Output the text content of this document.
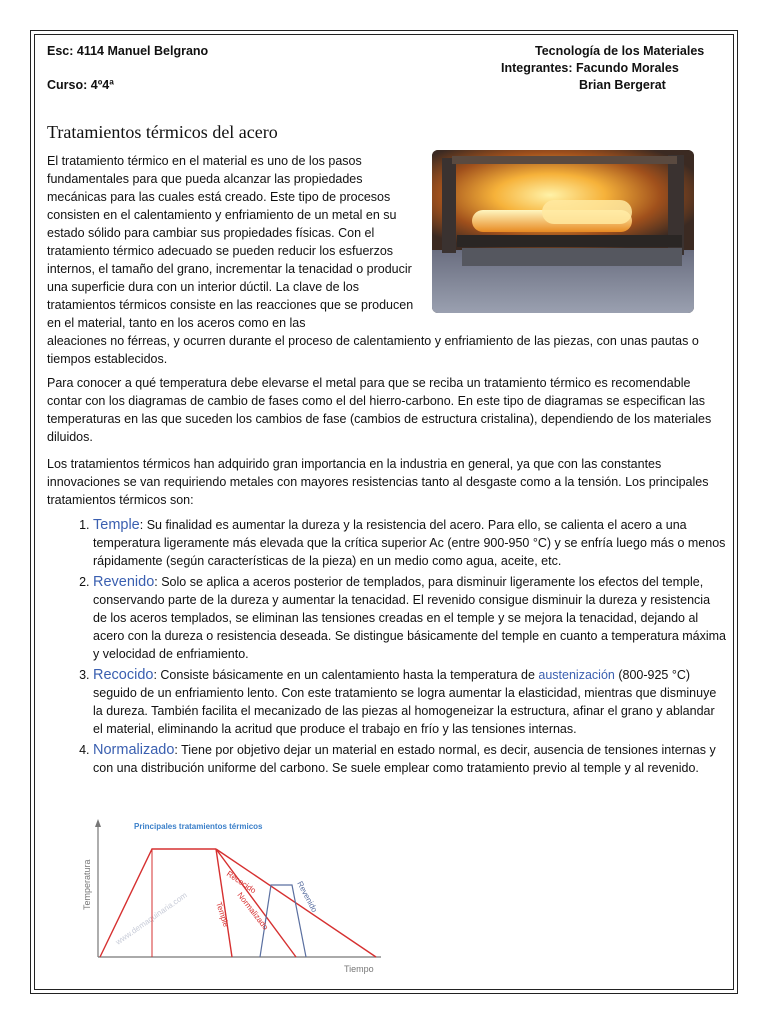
Esc: 4114 Manuel Belgrano	Tecnología de los Materiales
Integrantes: Facundo Morales
Curso: 4º4ª	Brian Bergerat
Tratamientos térmicos del acero

El tratamiento térmico en el material es uno de los pasos fundamentales para que pueda alcanzar las propiedades mecánicas para las cuales está creado. Este tipo de procesos consisten en el calentamiento y enfriamiento de un metal en su estado sólido para cambiar sus propiedades físicas. Con el tratamiento térmico adecuado se pueden reducir los esfuerzos internos, el tamaño del grano, incrementar la tenacidad o producir una superficie dura con un interior dúctil. La clave de los tratamientos térmicos consiste en las reacciones que se producen en el material, tanto en los aceros como en las

aleaciones no férreas, y ocurren durante el proceso de calentamiento y enfriamiento de las piezas, con unas pautas o tiempos establecidos.

Para conocer a qué temperatura debe elevarse el metal para que se reciba un tratamiento térmico es recomendable contar con los diagramas de cambio de fases como el del hierro-carbono. En este tipo de diagramas se especifican las temperaturas en las que suceden los cambios de fase (cambios de estructura cristalina), dependiendo de los materiales diluidos.

Los tratamientos térmicos han adquirido gran importancia en la industria en general, ya que con las constantes innovaciones se van requiriendo metales con mayores resistencias tanto al desgaste como a la tensión. Los principales tratamientos térmicos son:

1. Temple: Su finalidad es aumentar la dureza y la resistencia del acero. Para ello, se calienta el acero a una temperatura ligeramente más elevada que la crítica superior Ac (entre 900-950 °C) y se enfría luego más o menos rápidamente (según características de la pieza) en un medio como agua, aceite, etc.
2. Revenido: Solo se aplica a aceros posterior de templados, para disminuir ligeramente los efectos del temple, conservando parte de la dureza y aumentar la tenacidad. El revenido consigue disminuir la dureza y resistencia de los aceros templados, se eliminan las tensiones creadas en el temple y se mejora la tenacidad, dejando al acero con la dureza o resistencia deseada. Se distingue básicamente del temple en cuanto a temperatura máxima y velocidad de enfriamiento.
3. Recocido: Consiste básicamente en un calentamiento hasta la temperatura de austenización (800-925 °C) seguido de un enfriamiento lento. Con este tratamiento se logra aumentar la elasticidad, mientras que disminuye la dureza. También facilita el mecanizado de las piezas al homogeneizar la estructura, afinar el grano y ablandar el material, eliminando la acritud que produce el trabajo en frío y las tensiones internas.
4. Normalizado: Tiene por objetivo dejar un material en estado normal, es decir, ausencia de tensiones internas y con una distribución uniforme del carbono. Se suele emplear como tratamiento previo al temple y al revenido.
Principales tratamientos térmicos
Temperatura
Tiempo
www.demaquinaria.com
Recocido
Temple Normalizado	Revenido
